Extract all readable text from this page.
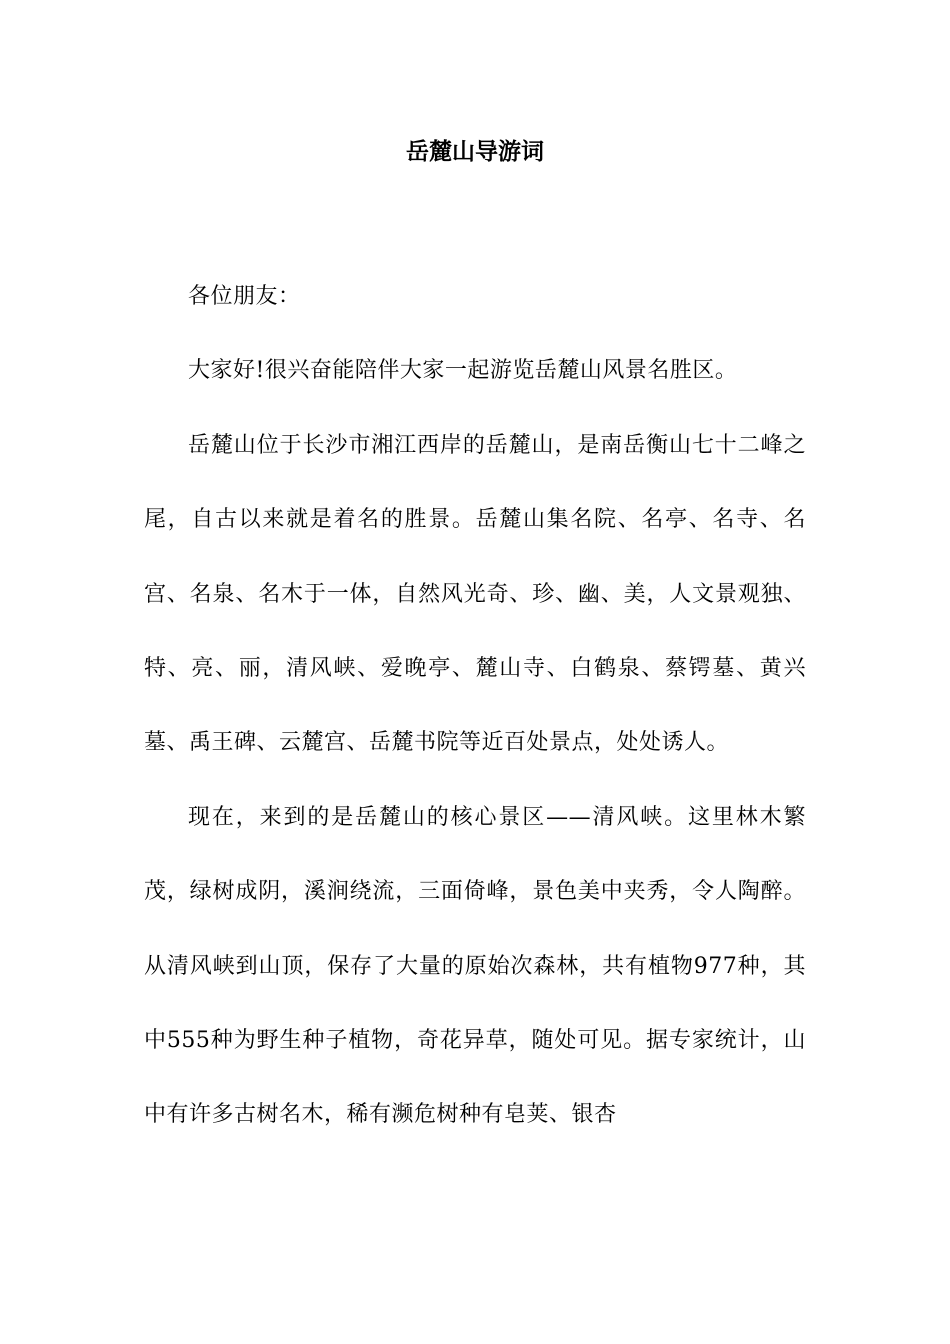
岳麓山导游词

各位朋友：

大家好!很兴奋能陪伴大家一起游览岳麓山风景名胜区。

岳麓山位于长沙市湘江西岸的岳麓山，是南岳衡山七十二峰之尾，自古以来就是着名的胜景。岳麓山集名院、名亭、名寺、名宫、名泉、名木于一体，自然风光奇、珍、幽、美，人文景观独、特、亮、丽，清风峡、爱晚亭、麓山寺、白鹤泉、蔡锷墓、黄兴墓、禹王碑、云麓宫、岳麓书院等近百处景点，处处诱人。

现在，来到的是岳麓山的核心景区——清风峡。这里林木繁茂，绿树成阴，溪涧绕流，三面倚峰，景色美中夹秀，令人陶醉。从清风峡到山顶，保存了大量的原始次森林，共有植物977种，其中555种为野生种子植物，奇花异草，随处可见。据专家统计，山中有许多古树名木，稀有濒危树种有皂荚、银杏
